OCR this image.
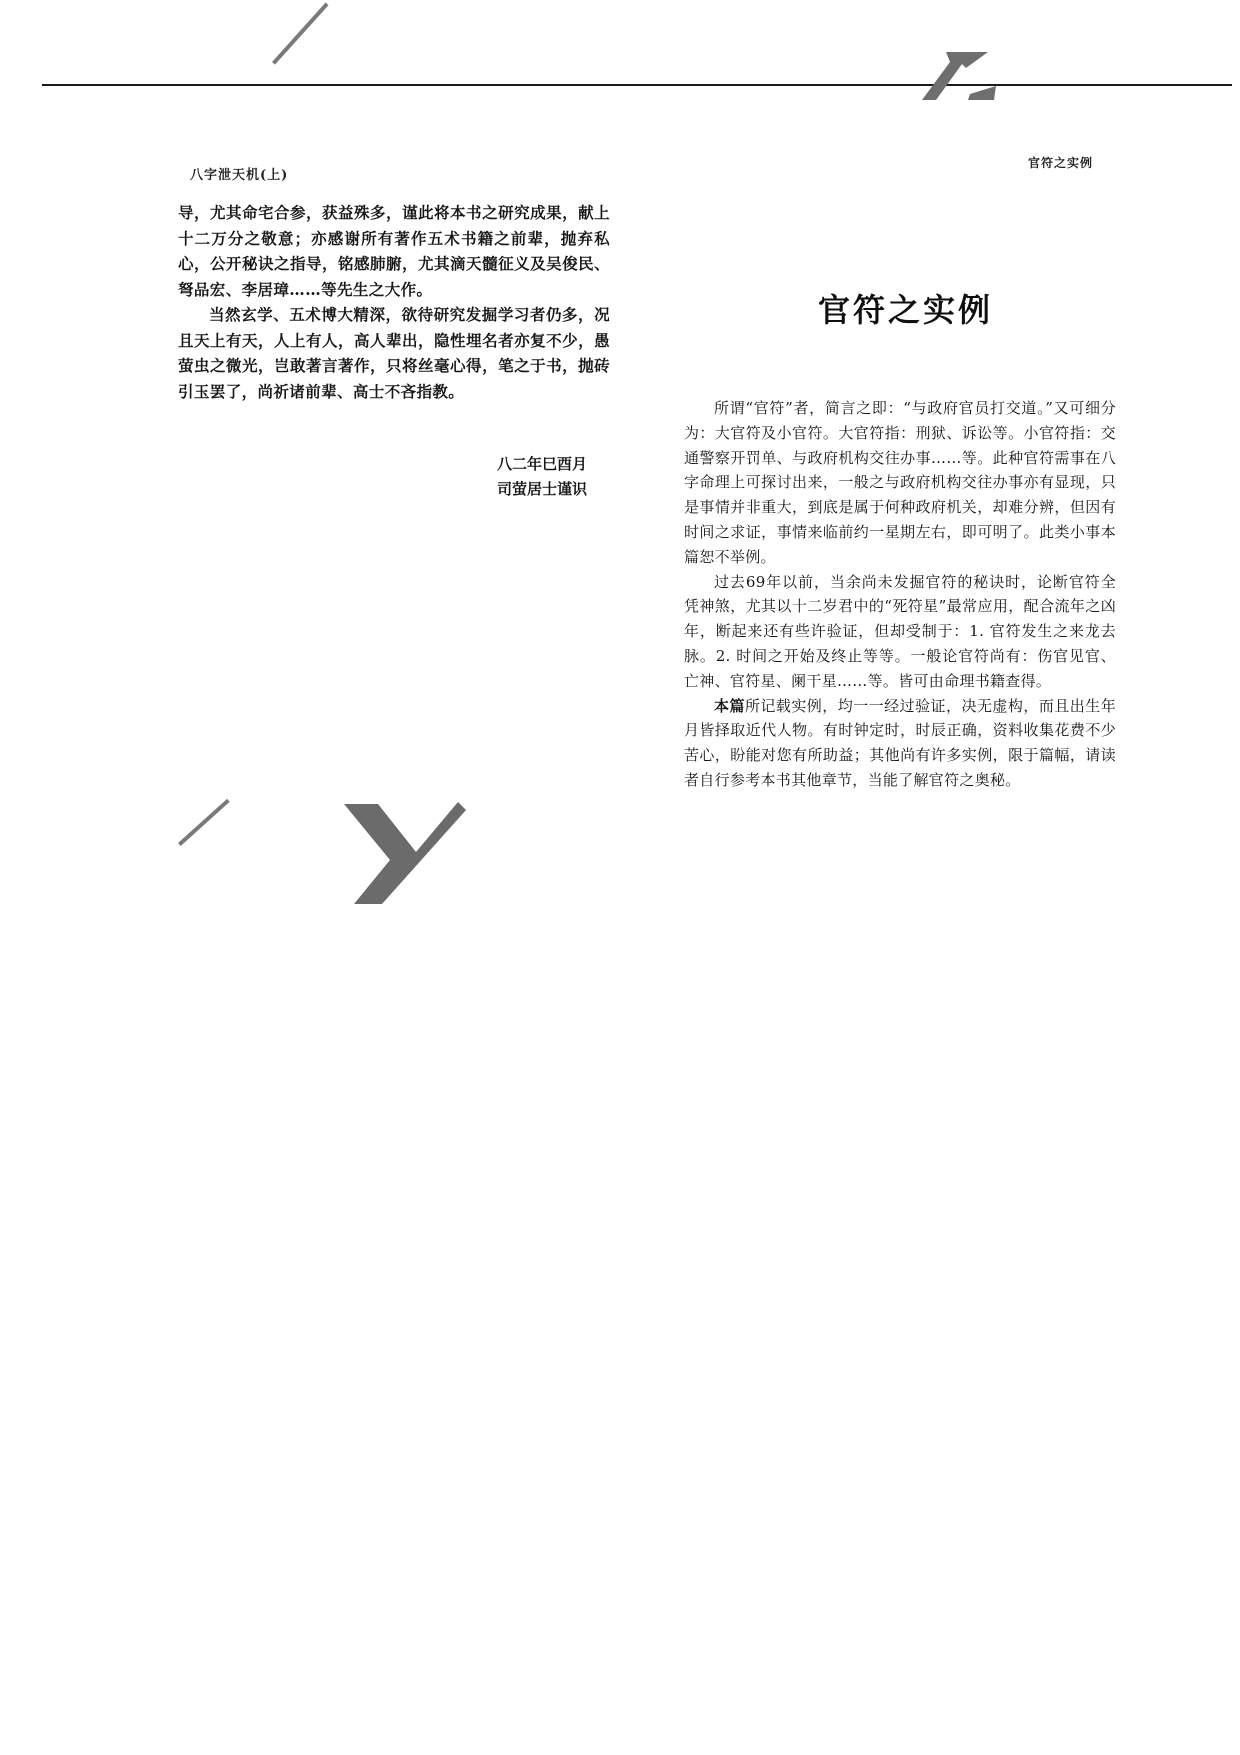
八字泄天机(上)
官符之实例

导，尤其命宅合参，获益殊多，谨此将本书之研究成果，献上十二万分之敬意；亦感谢所有著作五术书籍之前辈，抛弃私心，公开秘诀之指导，铭感肺腑，尤其滴天髓征义及吴俊民、弩品宏、李居璋……等先生之大作。

当然玄学、五术博大精深，欲待研究发掘学习者仍多，况且天上有天，人上有人，高人辈出，隐性埋名者亦复不少，愚萤虫之微光，岂敢著言著作，只将丝毫心得，笔之于书，抛砖引玉罢了，尚祈诸前辈、高士不吝指教。

八二年巳酉月
司萤居士谨识
官符之实例

所谓“官符”者，简言之即：“与政府官员打交道。”又可细分为：大官符及小官符。大官符指：刑狱、诉讼等。小官符指：交通警察开罚单、与政府机构交往办事……等。此种官符需事在八字命理上可探讨出来，一般之与政府机构交往办事亦有显现，只是事情并非重大，到底是属于何种政府机关，却难分辨，但因有时间之求证，事情来临前约一星期左右，即可明了。此类小事本篇恕不举例。

过去69年以前，当余尚未发掘官符的秘诀时，论断官符全凭神煞，尤其以十二岁君中的“死符星”最常应用，配合流年之凶年，断起来还有些许验证，但却受制于：1. 官符发生之来龙去脉。2. 时间之开始及终止等等。一般论官符尚有：伤官见官、亡神、官符星、阑干星……等。皆可由命理书籍查得。

本篇所记载实例，均一一经过验证，决无虚构，而且出生年月皆择取近代人物。有时钟定时，时辰正确，资料收集花费不少苦心，盼能对您有所助益；其他尚有许多实例，限于篇幅，请读者自行参考本书其他章节，当能了解官符之奥秘。
